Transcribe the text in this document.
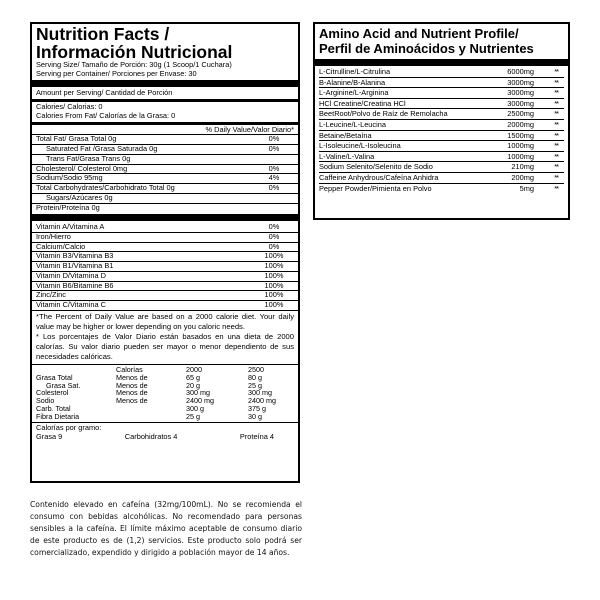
Nutrition Facts /
Información Nutricional
Serving Size/ Tamaño de Porción: 30g (1 Scoop/1 Cuchara)
Serving per Container/ Porciones per Envase: 30
Amount per Serving/ Cantidad de Porción
Calories/ Calorias: 0
Calories From Fat/ Calorías de la Grasa: 0
% Daily Value/Valor Diario*
Total Fat/ Grasa Total 0g	0%
Saturated Fat /Grasa Saturada 0g	0%
Trans Fat/Grasa Trans 0g
Cholesterol/ Colesterol 0mg	0%
Sodium/Sodio 95mg	4%
Total Carbohydrates/Carbohidrato Total 0g	0%
Sugars/Azúcares 0g
Protein/Proteína 0g
Vitamin A/Vitamina A	0%
Iron/Hierro	0%
Calcium/Calcio	0%
Vitamin B3/Vitamina B3	100%
Vitamin B1/Vitamina B1	100%
Vitamin D/Vitamina D	100%
Vitamin B6/Bitamine B6	100%
Zinc/Zinc	100%
Vitamin C/Vitamina C	100%

*The Percent of Daily Value are based on a 2000 calorie diet. Your daily value may be higher or lower depending on you caloric needs.

* Los porcentajes de Valor Diario están basados en una dieta de 2000 calorías. Su valor diario pueden ser mayor o menor dependiento de sus necesidades calóricas.

	Calorías	2000	2500
Grasa Total	Menos de	65 g	80 g
Grasa Sat.	Menos de	20 g	25 g
Colesterol	Menos de	300 mg	300 mg
Sodio	Menos de	2400 mg	2400 mg
Carb. Total		300 g	375 g
Fibra Dietaria		25 g	30 g
Calorías por gramo:
Grasa 9	Carbohidratos 4	Proteína 4
Amino Acid and Nutrient Profile/
Perfil de Aminoácidos y Nutrientes
L-Citrulline/L-Citrulina	6000mg	**
B-Alanine/B-Alanina	3000mg	**
L-Arginine/L-Arginina	3000mg	**
HCl Creatine/Creatina HCl	3000mg	**
BeetRoot/Polvo de Raíz de Remolacha	2500mg	**
L-Leucine/L-Leucina	2000mg	**
Betaine/Betaína	1500mg	**
L-Isoleucine/L-Isoleucina	1000mg	**
L-Valine/L-Valina	1000mg	**
Sodium Selenito/Selenito de Sodio	210mg	**
Caffeine Anhydrous/Cafeína Anhidra	200mg	**
Pepper Powder/Pimienta en Polvo	5mg	**

Contenido elevado en cafeína (32mg/100mL). No se recomienda el consumo con bebidas alcohólicas. No recomendado para personas sensibles a la cafeína. El límite máximo aceptable de consumo diario de este producto es de (1,2) servicios. Este producto solo podrá ser comercializado, expendido y dirigido a población mayor de 14 años.
